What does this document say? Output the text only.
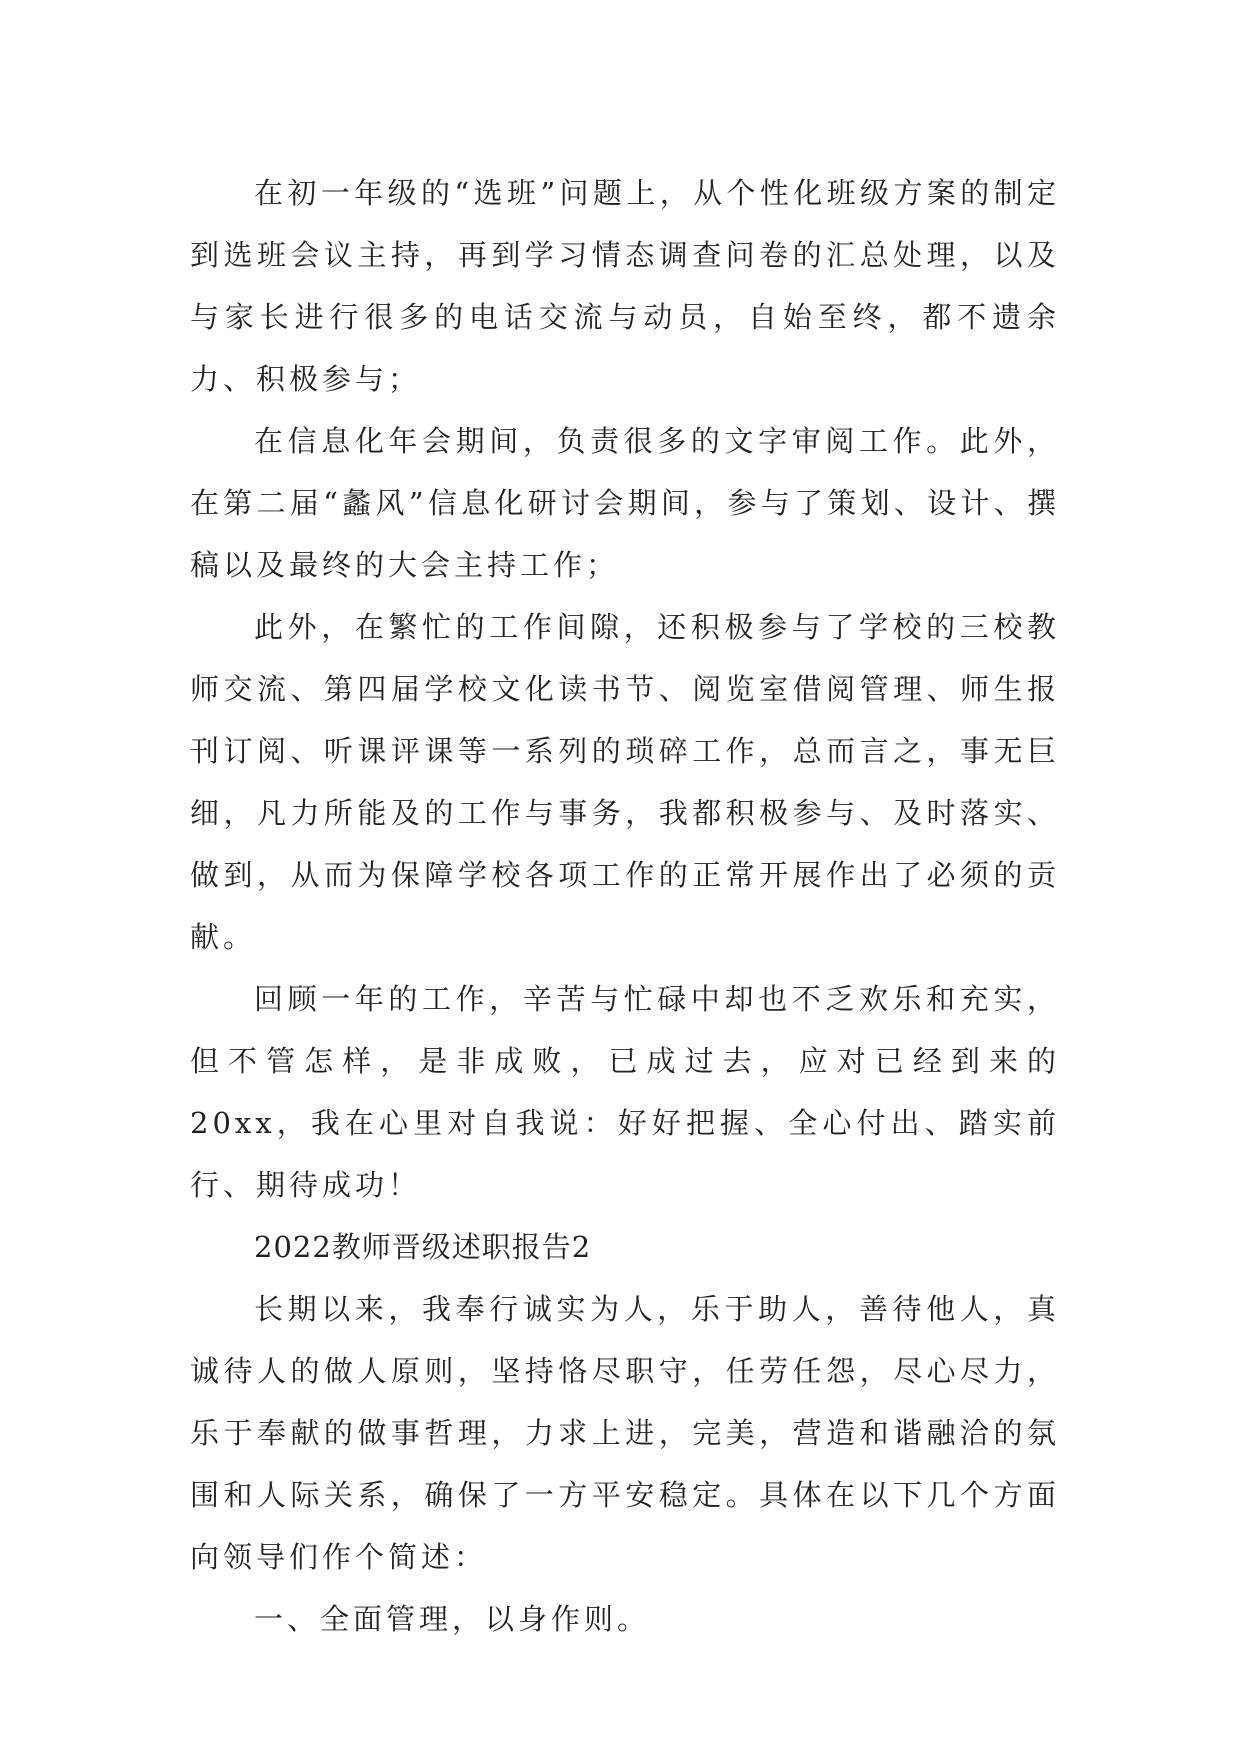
在初一年级的“选班”问题上，从个性化班级方案的制定到选班会议主持，再到学习情态调查问卷的汇总处理，以及与家长进行很多的电话交流与动员，自始至终，都不遗余力、积极参与；

在信息化年会期间，负责很多的文字审阅工作。此外，在第二届“蠡风”信息化研讨会期间，参与了策划、设计、撰稿以及最终的大会主持工作；

此外，在繁忙的工作间隙，还积极参与了学校的三校教师交流、第四届学校文化读书节、阅览室借阅管理、师生报刊订阅、听课评课等一系列的琐碎工作，总而言之，事无巨细，凡力所能及的工作与事务，我都积极参与、及时落实、做到，从而为保障学校各项工作的正常开展作出了必须的贡献。

回顾一年的工作，辛苦与忙碌中却也不乏欢乐和充实，但不管怎样，是非成败，已成过去，应对已经到来的20xx，我在心里对自我说：好好把握、全心付出、踏实前行、期待成功！

2022教师晋级述职报告2

长期以来，我奉行诚实为人，乐于助人，善待他人，真诚待人的做人原则，坚持恪尽职守，任劳任怨，尽心尽力，乐于奉献的做事哲理，力求上进，完美，营造和谐融洽的氛围和人际关系，确保了一方平安稳定。具体在以下几个方面向领导们作个简述：

一、全面管理，以身作则。
